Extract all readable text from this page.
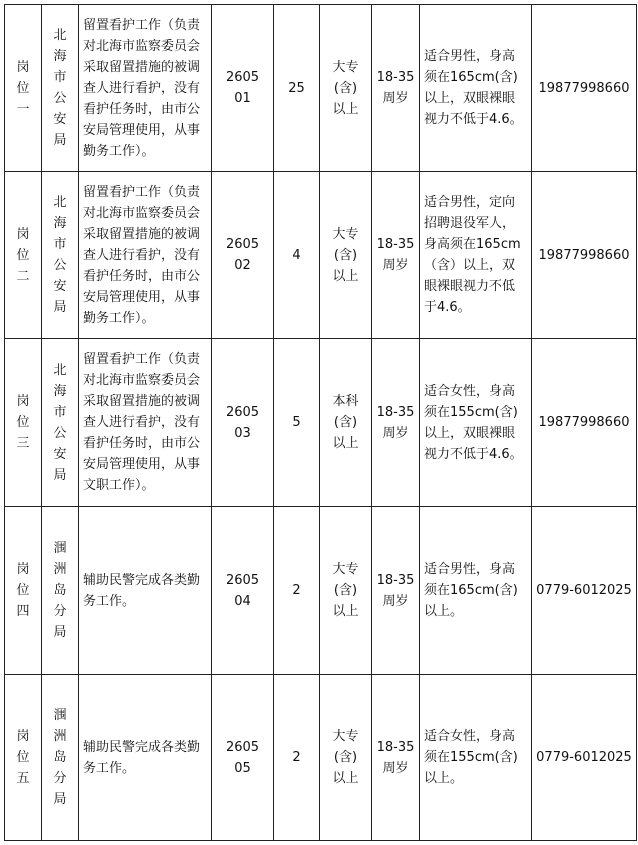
岗位一	北海市公安局	留置看护工作（负责对北海市监察委员会采取留置措施的被调查人进行看护，没有看护任务时，由市公安局管理使用，从事勤务工作）。	260501	25	大专(含)以上	18-35周岁	适合男性，身高须在165cm(含)以上，双眼裸眼视力不低于4.6。	19877998660

岗位二	北海市公安局	留置看护工作（负责对北海市监察委员会采取留置措施的被调查人进行看护，没有看护任务时，由市公安局管理使用，从事勤务工作）。	260502	4	大专(含)以上	18-35周岁	适合男性，定向招聘退役军人，身高须在165cm（含）以上，双眼裸眼视力不低于4.6。	19877998660

岗位三	北海市公安局	留置看护工作（负责对北海市监察委员会采取留置措施的被调查人进行看护，没有看护任务时，由市公安局管理使用，从事文职工作）。	260503	5	本科(含)以上	18-35周岁	适合女性，身高须在155cm(含)以上，双眼裸眼视力不低于4.6。	19877998660

岗位四	涠洲岛分局	辅助民警完成各类勤务工作。	260504	2	大专(含)以上	18-35周岁	适合男性，身高须在165cm(含)以上。	0779-6012025

岗位五	涠洲岛分局	辅助民警完成各类勤务工作。	260505	2	大专(含)以上	18-35周岁	适合女性，身高须在155cm(含)以上。	0779-6012025
